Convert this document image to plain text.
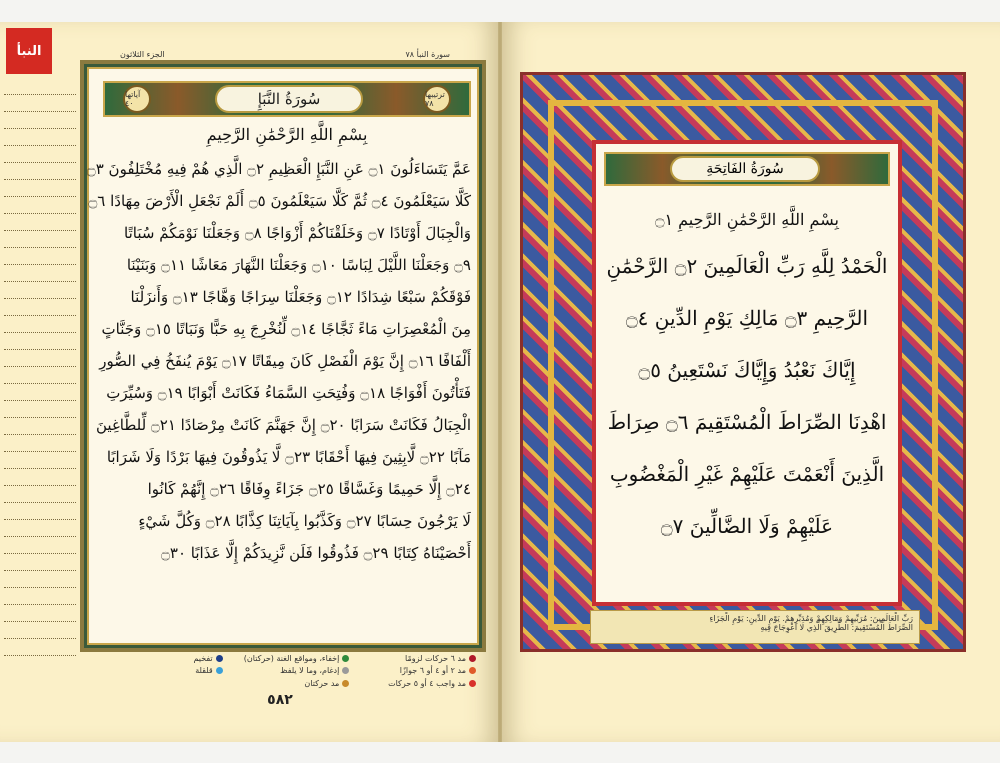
النبأ	سورة النبأ ٧٨
الجزء الثلاثون
آياتها ٤٠	سُورَةُ النَّبَإِ	ترتيبها ٧٨
بِسْمِ اللَّهِ الرَّحْمَٰنِ الرَّحِيمِ
عَمَّ يَتَسَاءَلُونَ ۝١ عَنِ النَّبَإِ الْعَظِيمِ ۝٢ الَّذِي هُمْ فِيهِ مُخْتَلِفُونَ ۝٣
كَلَّا سَيَعْلَمُونَ ۝٤ ثُمَّ كَلَّا سَيَعْلَمُونَ ۝٥ أَلَمْ نَجْعَلِ الْأَرْضَ مِهَادًا ۝٦
وَالْجِبَالَ أَوْتَادًا ۝٧ وَخَلَقْنَاكُمْ أَزْوَاجًا ۝٨ وَجَعَلْنَا نَوْمَكُمْ سُبَاتًا
۝٩ وَجَعَلْنَا اللَّيْلَ لِبَاسًا ۝١٠ وَجَعَلْنَا النَّهَارَ مَعَاشًا ۝١١ وَبَنَيْنَا
فَوْقَكُمْ سَبْعًا شِدَادًا ۝١٢ وَجَعَلْنَا سِرَاجًا وَهَّاجًا ۝١٣ وَأَنزَلْنَا
مِنَ الْمُعْصِرَاتِ مَاءً ثَجَّاجًا ۝١٤ لِّنُخْرِجَ بِهِ حَبًّا وَنَبَاتًا ۝١٥ وَجَنَّاتٍ
أَلْفَافًا ۝١٦ إِنَّ يَوْمَ الْفَصْلِ كَانَ مِيقَاتًا ۝١٧ يَوْمَ يُنفَخُ فِي الصُّورِ
فَتَأْتُونَ أَفْوَاجًا ۝١٨ وَفُتِحَتِ السَّمَاءُ فَكَانَتْ أَبْوَابًا ۝١٩ وَسُيِّرَتِ
الْجِبَالُ فَكَانَتْ سَرَابًا ۝٢٠ إِنَّ جَهَنَّمَ كَانَتْ مِرْصَادًا ۝٢١ لِّلطَّاغِينَ
مَآبًا ۝٢٢ لَّابِثِينَ فِيهَا أَحْقَابًا ۝٢٣ لَّا يَذُوقُونَ فِيهَا بَرْدًا وَلَا شَرَابًا
۝٢٤ إِلَّا حَمِيمًا وَغَسَّاقًا ۝٢٥ جَزَاءً وِفَاقًا ۝٢٦ إِنَّهُمْ كَانُوا
لَا يَرْجُونَ حِسَابًا ۝٢٧ وَكَذَّبُوا بِآيَاتِنَا كِذَّابًا ۝٢٨ وَكُلَّ شَيْءٍ
أَحْصَيْنَاهُ كِتَابًا ۝٢٩ فَذُوقُوا فَلَن نَّزِيدَكُمْ إِلَّا عَذَابًا ۝٣٠
مد ٦ حركات لزومًا
إخفاء، ومواقع الغنة (حركتان)
تفخيم
مد ٢ أو ٤ أو ٦ جوازًا
إدغام، وما لا يلفظ
قلقلة
مد واجب ٤ أو ٥ حركات
مد حركتان
٥٨٢
سُورَةُ الفَاتِحَةِ
بِسْمِ اللَّهِ الرَّحْمَٰنِ الرَّحِيمِ ۝١
الْحَمْدُ لِلَّهِ رَبِّ الْعَالَمِينَ ۝٢ الرَّحْمَٰنِ
الرَّحِيمِ ۝٣ مَالِكِ يَوْمِ الدِّينِ ۝٤
إِيَّاكَ نَعْبُدُ وَإِيَّاكَ نَسْتَعِينُ ۝٥
اهْدِنَا الصِّرَاطَ الْمُسْتَقِيمَ ۝٦ صِرَاطَ
الَّذِينَ أَنْعَمْتَ عَلَيْهِمْ غَيْرِ الْمَغْضُوبِ
عَلَيْهِمْ وَلَا الضَّالِّينَ ۝٧
رَبِّ الْعَالَمِينَ: مُرَبِّيهِمْ وَمَالِكِهِمْ وَمُدَبِّرِهِمْ. يَوْمِ الدِّينِ: يَوْمِ الْجَزَاءِ
الصِّرَاطَ الْمُسْتَقِيمَ: الطَّرِيقَ الَّذِي لَا اعْوِجَاجَ فِيهِ
